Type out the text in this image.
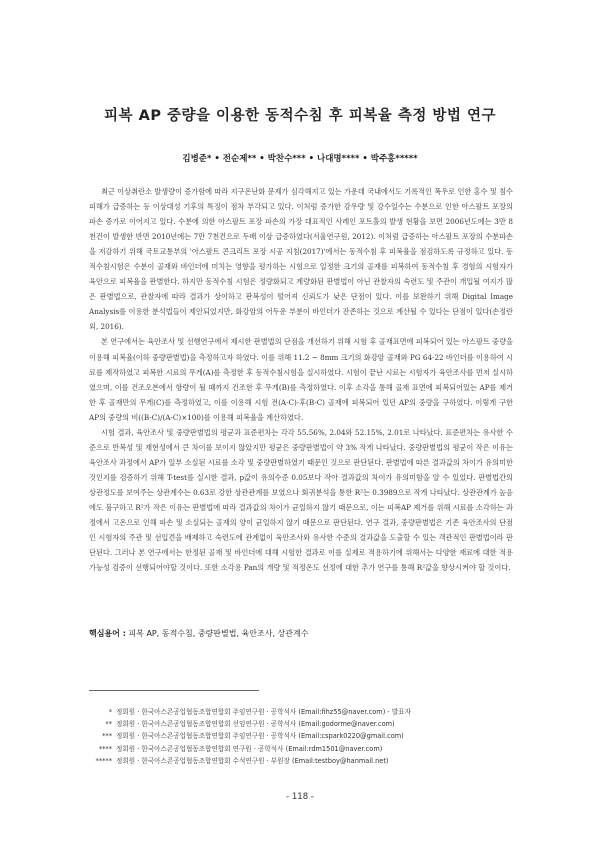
피복 AP 중량을 이용한 동적수침 후 피복율 측정 방법 연구
김병준* • 전순제** • 박찬수*** • 나대명**** • 박주홍*****

최근 이상취란소 발생량이 증가함에 따라 지구온난화 문제가 심각해지고 있는 가운데 국내에서도 기록적인 폭우로 인한 홍수 및 침수 피해가 급증하는 등 이상대성 기후의 특징이 점차 부각되고 있다. 이처럼 증가한 강우량 및 강수일수는 수분으로 인한 아스팔트 포장의 파손 증가로 이어지고 있다. 수분에 의한 아스팔트 포장 파손의 가장 대표적인 사례인 포트홀의 발생 현황을 보면 2006년도에는 3만 8천건이 발생한 반면 2010년에는 7만 7천건으로 두배 이상 급증하였다(서울연구원, 2012). 이처럼 급증하는 아스팔트 포장의 수분파손을 저감하기 위해 국토교통부의 '아스팔트 콘크리트 포장 시공 지침(2017)'에서는 동적수침 후 피복율을 점검하도록 규정하고 있다. 동적수침시험은 수분이 골재와 바인더에 미치는 영향을 평가하는 시험으로 일정한 크기의 골재를 피복하여 동적수침 후 경험의 시험자가 육안으로 피복율을 판별한다. 하지만 동적수침 시험은 정량화되고 계량화된 판별법이 아닌 관찰자의 숙련도 및 주관이 개입될 여지가 많은 판별법으로, 관찰자에 따라 결과가 상이하고 판복성이 떨어져 신뢰도가 낮은 단점이 있다. 이를 보완하기 위해 Digital Image Analysis를 이용한 분석법들이 제안되었지만, 화강암의 어두운 부분이 바인더가 잔존하는 것으로 계산될 수 있다는 단점이 있다(손정란 외, 2016).

본 연구에서는 육안조사 및 선행연구에서 제시한 판별법의 단점을 개선하기 위해 시험 후 골재표면에 피복되어 있는 아스팔트 중량을 이용해 피복율(이하 중량판별법)을 측정하고자 하였다. 이를 위해 11.2 ~ 8mm 크기의 화강암 골재와 PG 64-22 바인더를 이용하여 시료를 제작하였고 피복한 시료의 무게(A)를 측정한 후 동적수침시험을 실시하였다. 시험이 끝난 시료는 시험자가 육안조사를 먼저 실시하였으며, 이를 건조오븐에서 항량이 될 때까지 건조한 후 무게(B)를 측정하였다. 이후 소각을 통해 골재 표면에 피복되어있는 AP를 제거한 후 골재만의 무게(C)를 측정하였고, 이를 이용해 시험 전(A-C)·후(B-C) 골재에 피복되어 있던 AP의 중량을 구하였다. 이렇게 구한 AP의 중량의 비((B-C)/(A-C)×100)를 이용해 피복율을 계산하였다.

시험 결과, 육안조사 및 중량판별법의 평균과 표준편차는 각각 55.56%, 2.04와 52.15%, 2.01로 나타났다. 표준편차는 유사한 수준으로 반복성 및 재현성에서 큰 차이를 보이지 않았지만 평균은 중량판별법이 약 3% 작게 나타났다. 중량판별법의 평균이 작은 이유는 육안조사 과정에서 AP가 일부 소실된 시료를 소각 및 중량판별하였기 때문인 것으로 판단된다. 판별법에 따른 결과값의 차이가 유의미한 것인지를 검증하기 위해 T-test를 실시한 결과, p값이 유의수준 0.05보다 작아 결과값의 차이가 유의미함을 알 수 있었다. 판별법간의 상관정도를 보여주는 상관계수는 0.63로 강한 상관관계를 보였으나 회귀분석을 통한 R²는 0.3989으로 작게 나타났다. 상관관계가 높음에도 불구하고 R²가 작은 이유는 판별법에 따라 결과값의 차이가 균일하지 않기 때문으로, 이는 피복AP 제거를 위해 시료를 소각하는 과정에서 고온으로 인해 파손 및 소실되는 골재의 양이 균일하지 않기 때문으로 판단된다. 연구 결과, 중량판별법은 기존 육안조사의 단점인 시험자의 주관 및 선입견을 배제하고 숙련도에 관계없이 육안조사와 유사한 수준의 결과값을 도출할 수 있는 객관적인 판별법이라 판단된다. 그러나 본 연구에서는 한정된 골재 및 바인더에 대해 시험한 결과로 이를 실제로 적용하기에 위해서는 다양한 재료에 대한 적용가능성 검증이 선행되어야할 것이다. 또한 소각용 Pan의 개량 및 적정온도 선정에 대한 추가 연구를 통해 R²값을 향상시켜야 할 것이다.

핵심용어 : 피복 AP, 동적수침, 중량판별법, 육안조사, 상관계수
* 정회원 · 한국아스콘공업협동조합연합회 주임연구원 · 공학석사 (Email:fihz55@naver.com) - 발표자
** 정회원 · 한국아스콘공업협동조합연합회 선임연구원 · 공학석사 (Email:godorme@naver.com)
*** 정회원 · 한국아스콘공업협동조합연합회 주임연구원 · 공학석사 (Email:cspark0220@gmail.com)
**** 정회원 · 한국아스콘공업협동조합연합회 연구원 · 공학석사 (Email:rdm1501@naver.com)
***** 정회원 · 한국아스콘공업협동조합연합회 수석연구원 · 부원장 (Email:testboy@hanmail.net)
- 118 -
